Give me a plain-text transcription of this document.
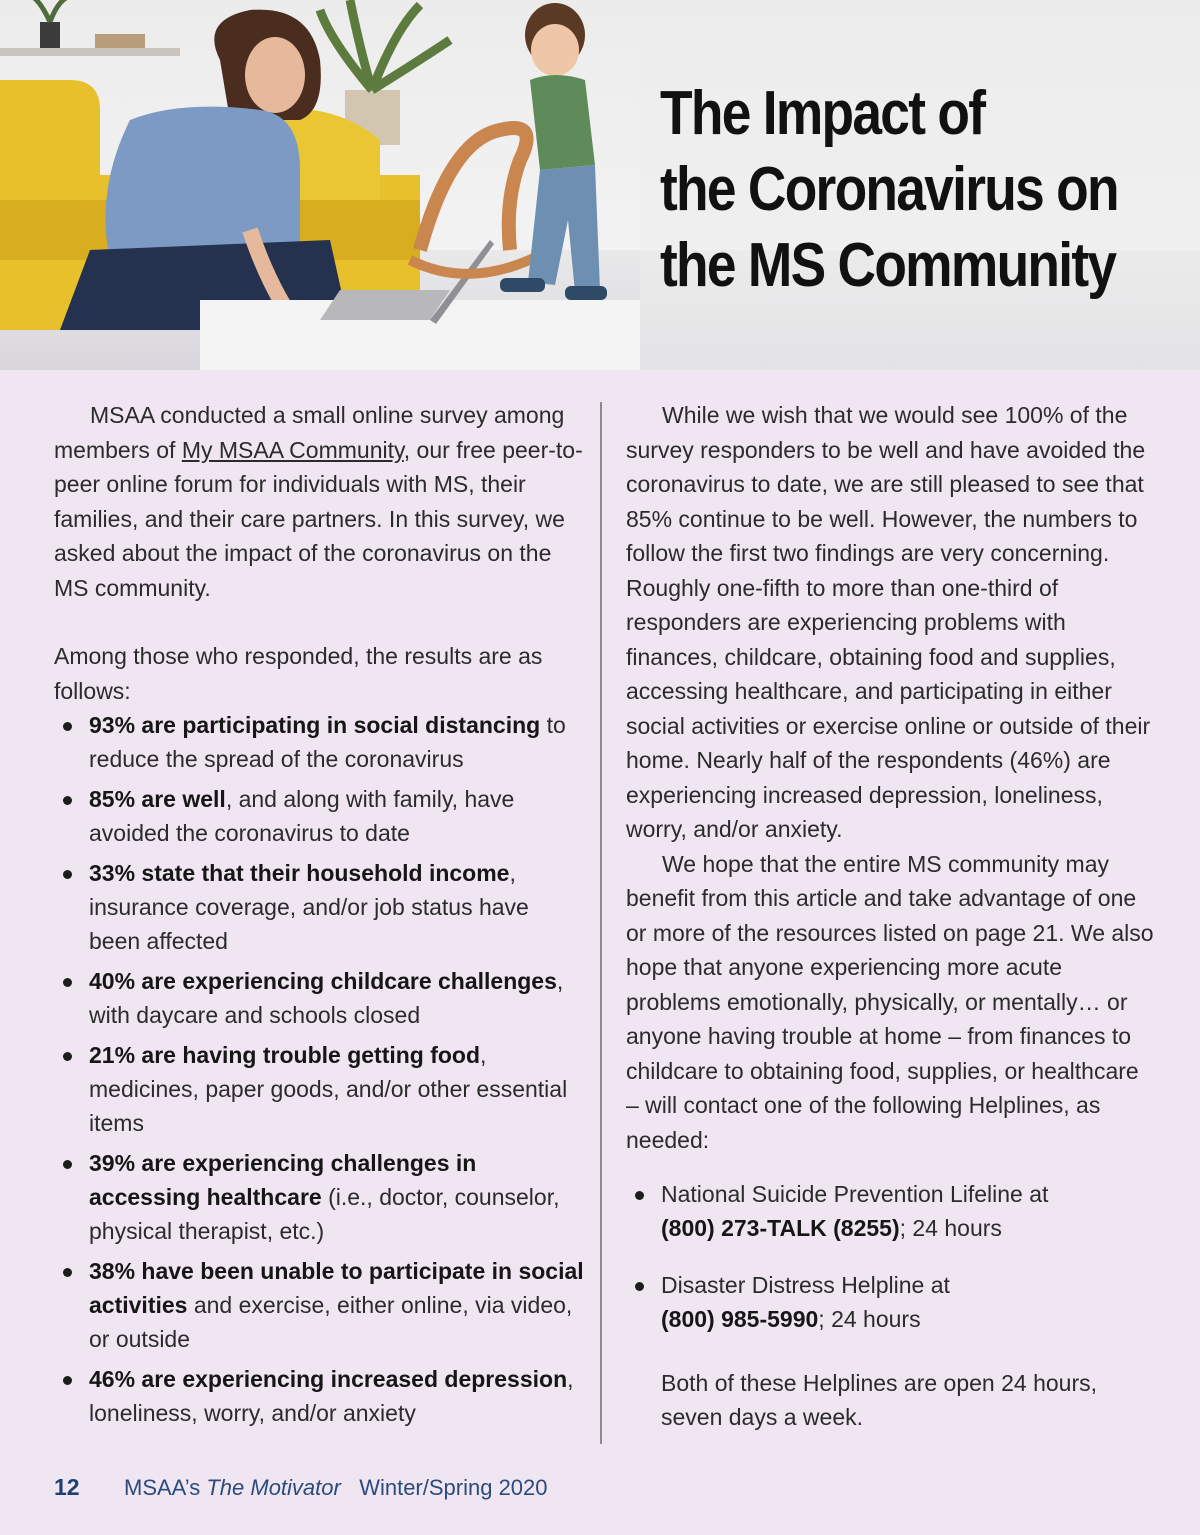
The Impact of
the Coronavirus on
the MS Community

MSAA conducted a small online survey among members of My MSAA Community, our free peer-to-peer online forum for individuals with MS, their families, and their care partners. In this survey, we asked about the impact of the coronavirus on the MS community.

Among those who responded, the results are as follows:

93% are participating in social distancing to reduce the spread of the coronavirus
85% are well, and along with family, have avoided the coronavirus to date
33% state that their household income, insurance coverage, and/or job status have been affected
40% are experiencing childcare challenges, with daycare and schools closed
21% are having trouble getting food, medicines, paper goods, and/or other essential items
39% are experiencing challenges in accessing healthcare (i.e., doctor, counselor, physical therapist, etc.)
38% have been unable to participate in social activities and exercise, either online, via video, or outside
46% are experiencing increased depression, loneliness, worry, and/or anxiety

While we wish that we would see 100% of the survey responders to be well and have avoided the coronavirus to date, we are still pleased to see that 85% continue to be well. However, the numbers to follow the first two findings are very concerning. Roughly one-fifth to more than one-third of responders are experiencing problems with finances, childcare, obtaining food and supplies, accessing healthcare, and participating in either social activities or exercise online or outside of their home. Nearly half of the respondents (46%) are experiencing increased depression, loneliness, worry, and/or anxiety.

We hope that the entire MS community may benefit from this article and take advantage of one or more of the resources listed on page 21. We also hope that anyone experiencing more acute problems emotionally, physically, or mentally… or anyone having trouble at home – from finances to childcare to obtaining food, supplies, or healthcare – will contact one of the following Helplines, as needed:

National Suicide Prevention Lifeline at
(800) 273-TALK (8255); 24 hours
Disaster Distress Helpline at
(800) 985-5990; 24 hours

Both of these Helplines are open 24 hours, seven days a week.

12	MSAA’s
The Motivator
Winter/Spring 2020
